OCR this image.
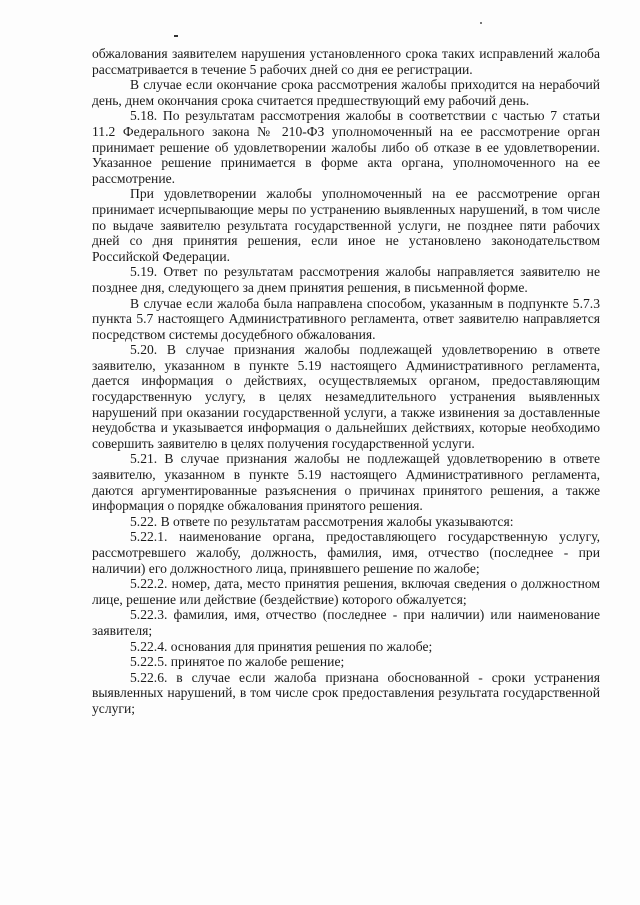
обжалования заявителем нарушения установленного срока таких исправлений жалоба рассматривается в течение 5 рабочих дней со дня ее регистрации.

В случае если окончание срока рассмотрения жалобы приходится на нерабочий день, днем окончания срока считается предшествующий ему рабочий день.

5.18. По результатам рассмотрения жалобы в соответствии с частью 7 статьи 11.2 Федерального закона № 210-ФЗ уполномоченный на ее рассмотрение орган принимает решение об удовлетворении жалобы либо об отказе в ее удовлетворении. Указанное решение принимается в форме акта органа, уполномоченного на ее рассмотрение.

При удовлетворении жалобы уполномоченный на ее рассмотрение орган принимает исчерпывающие меры по устранению выявленных нарушений, в том числе по выдаче заявителю результата государственной услуги, не позднее пяти рабочих дней со дня принятия решения, если иное не установлено законодательством Российской Федерации.

5.19. Ответ по результатам рассмотрения жалобы направляется заявителю не позднее дня, следующего за днем принятия решения, в письменной форме.

В случае если жалоба была направлена способом, указанным в подпункте 5.7.3 пункта 5.7 настоящего Административного регламента, ответ заявителю направляется посредством системы досудебного обжалования.

5.20. В случае признания жалобы подлежащей удовлетворению в ответе заявителю, указанном в пункте 5.19 настоящего Административного регламента, дается информация о действиях, осуществляемых органом, предоставляющим государственную услугу, в целях незамедлительного устранения выявленных нарушений при оказании государственной услуги, а также извинения за доставленные неудобства и указывается информация о дальнейших действиях, которые необходимо совершить заявителю в целях получения государственной услуги.

5.21. В случае признания жалобы не подлежащей удовлетворению в ответе заявителю, указанном в пункте 5.19 настоящего Административного регламента, даются аргументированные разъяснения о причинах принятого решения, а также информация о порядке обжалования принятого решения.

5.22. В ответе по результатам рассмотрения жалобы указываются:

5.22.1. наименование органа, предоставляющего государственную услугу, рассмотревшего жалобу, должность, фамилия, имя, отчество (последнее - при наличии) его должностного лица, принявшего решение по жалобе;

5.22.2. номер, дата, место принятия решения, включая сведения о должностном лице, решение или действие (бездействие) которого обжалуется;

5.22.3. фамилия, имя, отчество (последнее - при наличии) или наименование заявителя;

5.22.4. основания для принятия решения по жалобе;

5.22.5. принятое по жалобе решение;

5.22.6. в случае если жалоба признана обоснованной - сроки устранения выявленных нарушений, в том числе срок предоставления результата государственной услуги;
